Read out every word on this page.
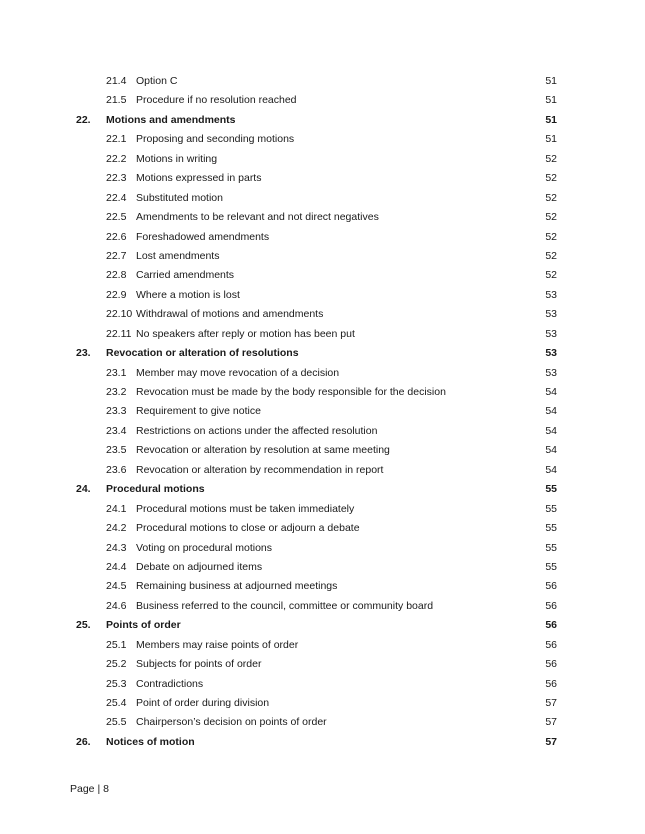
21.4 Option C	51
21.5 Procedure if no resolution reached	51
22. Motions and amendments	51
22.1 Proposing and seconding motions	51
22.2 Motions in writing	52
22.3 Motions expressed in parts	52
22.4 Substituted motion	52
22.5 Amendments to be relevant and not direct negatives	52
22.6 Foreshadowed amendments	52
22.7 Lost amendments	52
22.8 Carried amendments	52
22.9 Where a motion is lost	53
22.10 Withdrawal of motions and amendments	53
22.11 No speakers after reply or motion has been put	53
23. Revocation or alteration of resolutions	53
23.1 Member may move revocation of a decision	53
23.2 Revocation must be made by the body responsible for the decision	54
23.3 Requirement to give notice	54
23.4 Restrictions on actions under the affected resolution	54
23.5 Revocation or alteration by resolution at same meeting	54
23.6 Revocation or alteration by recommendation in report	54
24. Procedural motions	55
24.1 Procedural motions must be taken immediately	55
24.2 Procedural motions to close or adjourn a debate	55
24.3 Voting on procedural motions	55
24.4 Debate on adjourned items	55
24.5 Remaining business at adjourned meetings	56
24.6 Business referred to the council, committee or community board	56
25. Points of order	56
25.1 Members may raise points of order	56
25.2 Subjects for points of order	56
25.3 Contradictions	56
25.4 Point of order during division	57
25.5 Chairperson’s decision on points of order	57
26. Notices of motion	57
Page | 8
